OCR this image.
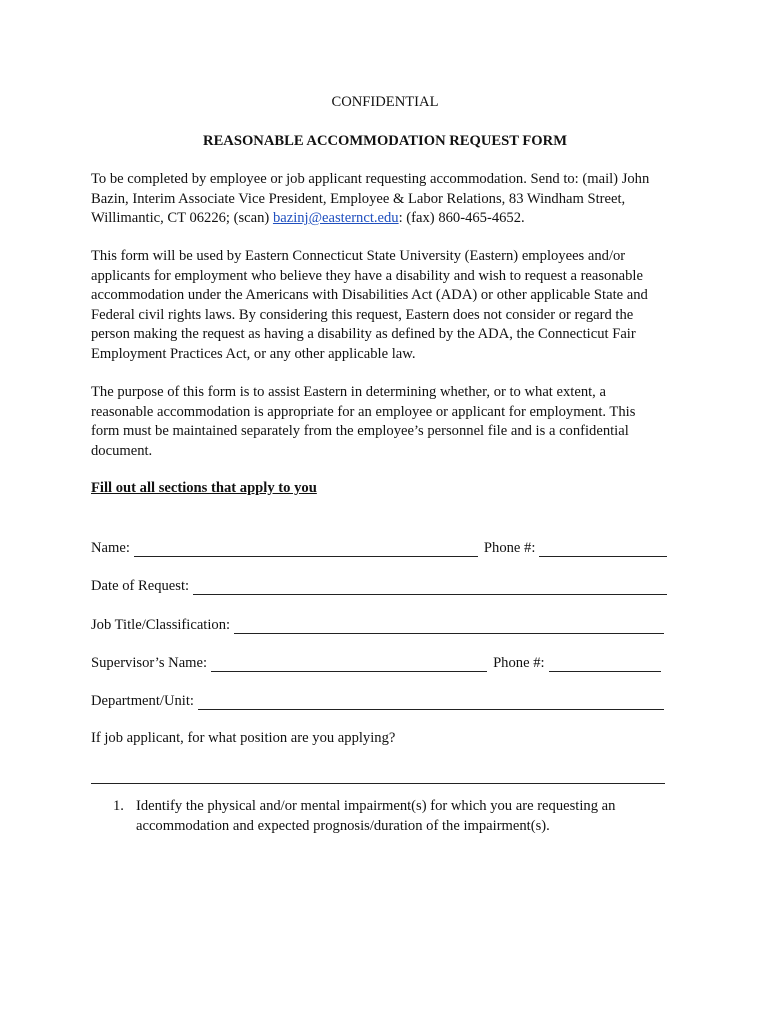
CONFIDENTIAL
REASONABLE ACCOMMODATION REQUEST FORM
To be completed by employee or job applicant requesting accommodation. Send to: (mail) John
Bazin, Interim Associate Vice President, Employee & Labor Relations, 83 Windham Street,
Willimantic, CT 06226; (scan) bazinj@easternct.edu: (fax) 860-465-4652.
This form will be used by Eastern Connecticut State University (Eastern) employees and/or
applicants for employment who believe they have a disability and wish to request a reasonable
accommodation under the Americans with Disabilities Act (ADA) or other applicable State and
Federal civil rights laws. By considering this request, Eastern does not consider or regard the
person making the request as having a disability as defined by the ADA, the Connecticut Fair
Employment Practices Act, or any other applicable law.
The purpose of this form is to assist Eastern in determining whether, or to what extent, a
reasonable accommodation is appropriate for an employee or applicant for employment. This
form must be maintained separately from the employee’s personnel file and is a confidential
document.
Fill out all sections that apply to you
Name:	Phone #:
Date of Request:
Job Title/Classification:
Supervisor’s Name:	Phone #:
Department/Unit:
If job applicant, for what position are you applying?
1. Identify the physical and/or mental impairment(s) for which you are requesting an
accommodation and expected prognosis/duration of the impairment(s).
